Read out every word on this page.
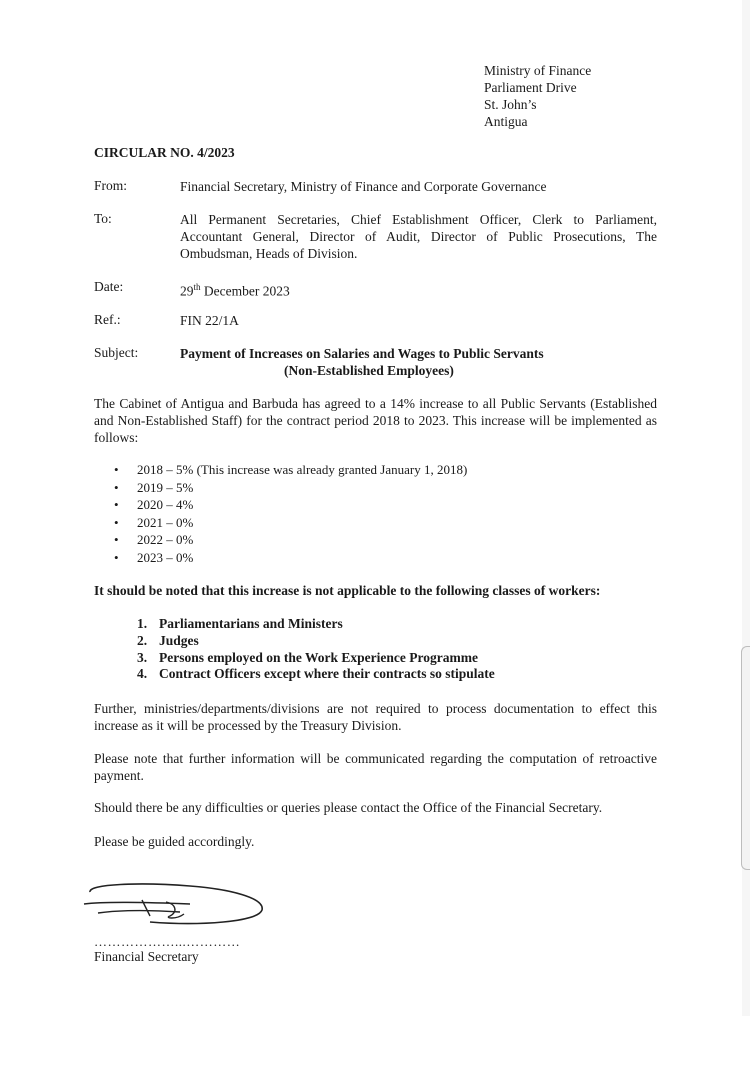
Ministry of Finance
Parliament Drive
St. John’s
Antigua
CIRCULAR NO. 4/2023
From:	Financial Secretary, Ministry of Finance and Corporate Governance
To:	All Permanent Secretaries, Chief Establishment Officer, Clerk to Parliament, Accountant General, Director of Audit, Director of Public Prosecutions, The Ombudsman, Heads of Division.
Date:	29th December 2023
Ref.:	FIN 22/1A
Subject:	Payment of Increases on Salaries and Wages to Public Servants
(Non-Established Employees)
The Cabinet of Antigua and Barbuda has agreed to a 14% increase to all Public Servants (Established and Non-Established Staff) for the contract period 2018 to 2023. This increase will be implemented as follows:
• 2018 – 5% (This increase was already granted January 1, 2018)
• 2019 – 5%
• 2020 – 4%
• 2021 – 0%
• 2022 – 0%
• 2023 – 0%
It should be noted that this increase is not applicable to the following classes of workers:
1. Parliamentarians and Ministers
2. Judges
3. Persons employed on the Work Experience Programme
4. Contract Officers except where their contracts so stipulate
Further, ministries/departments/divisions are not required to process documentation to effect this increase as it will be processed by the Treasury Division.
Please note that further information will be communicated regarding the computation of retroactive payment.
Should there be any difficulties or queries please contact the Office of the Financial Secretary.
Please be guided accordingly.
………………...…………
Financial Secretary
